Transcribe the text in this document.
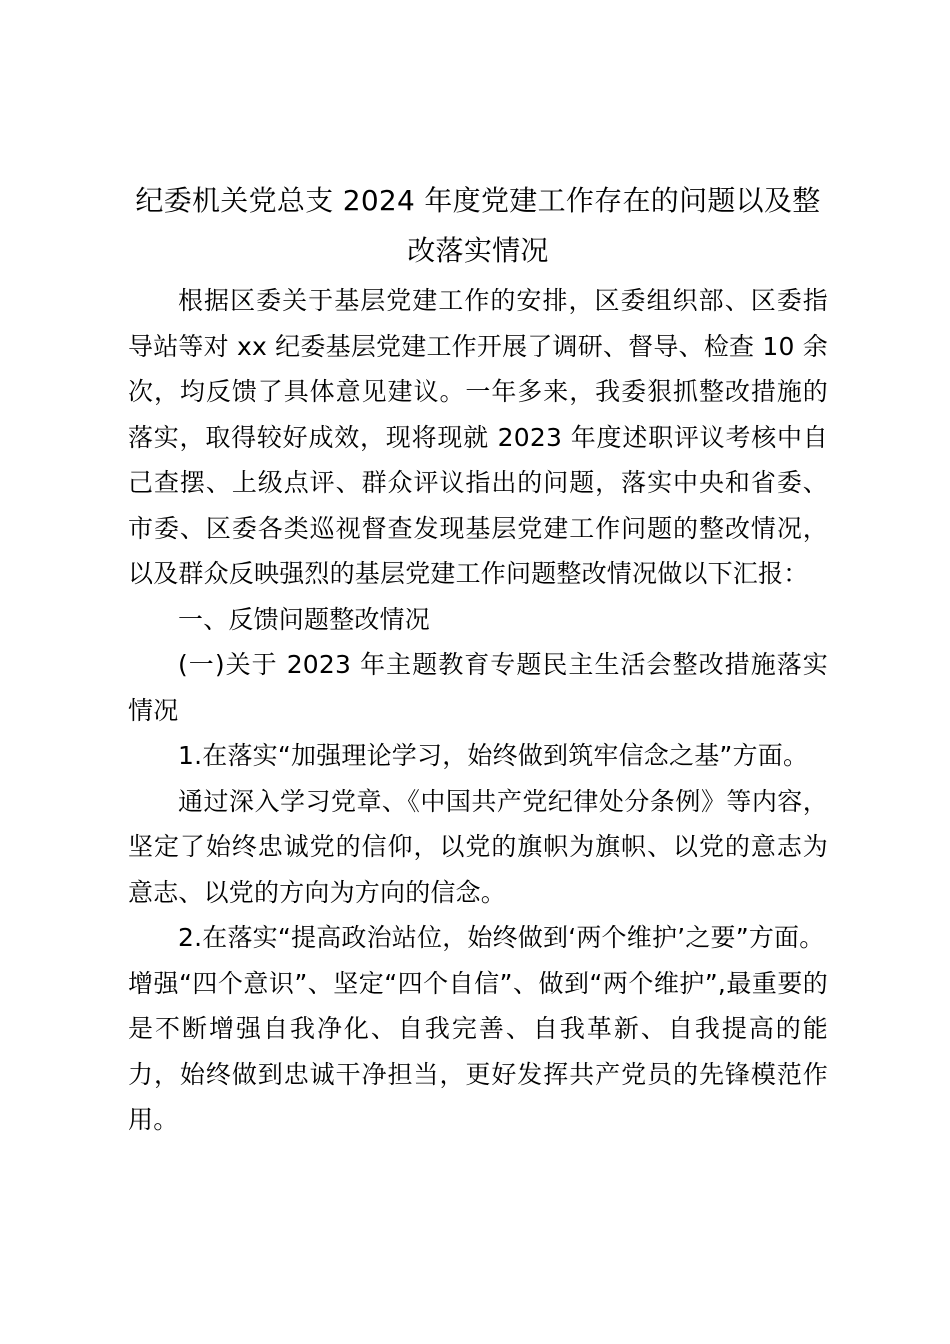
纪委机关党总支 2024 年度党建工作存在的问题以及整改落实情况

根据区委关于基层党建工作的安排，区委组织部、区委指导站等对 xx 纪委基层党建工作开展了调研、督导、检查 10 余次，均反馈了具体意见建议。一年多来，我委狠抓整改措施的落实，取得较好成效，现将现就 2023 年度述职评议考核中自己查摆、上级点评、群众评议指出的问题，落实中央和省委、市委、区委各类巡视督查发现基层党建工作问题的整改情况，以及群众反映强烈的基层党建工作问题整改情况做以下汇报：

一、反馈问题整改情况

(一)关于 2023 年主题教育专题民主生活会整改措施落实情况

1.在落实“加强理论学习，始终做到筑牢信念之基”方面。

通过深入学习党章、《中国共产党纪律处分条例》等内容，坚定了始终忠诚党的信仰，以党的旗帜为旗帜、以党的意志为意志、以党的方向为方向的信念。

2.在落实“提高政治站位，始终做到‘两个维护’之要”方面。

增强“四个意识”、坚定“四个自信”、做到“两个维护”,最重要的是不断增强自我净化、自我完善、自我革新、自我提高的能力，始终做到忠诚干净担当，更好发挥共产党员的先锋模范作用。
